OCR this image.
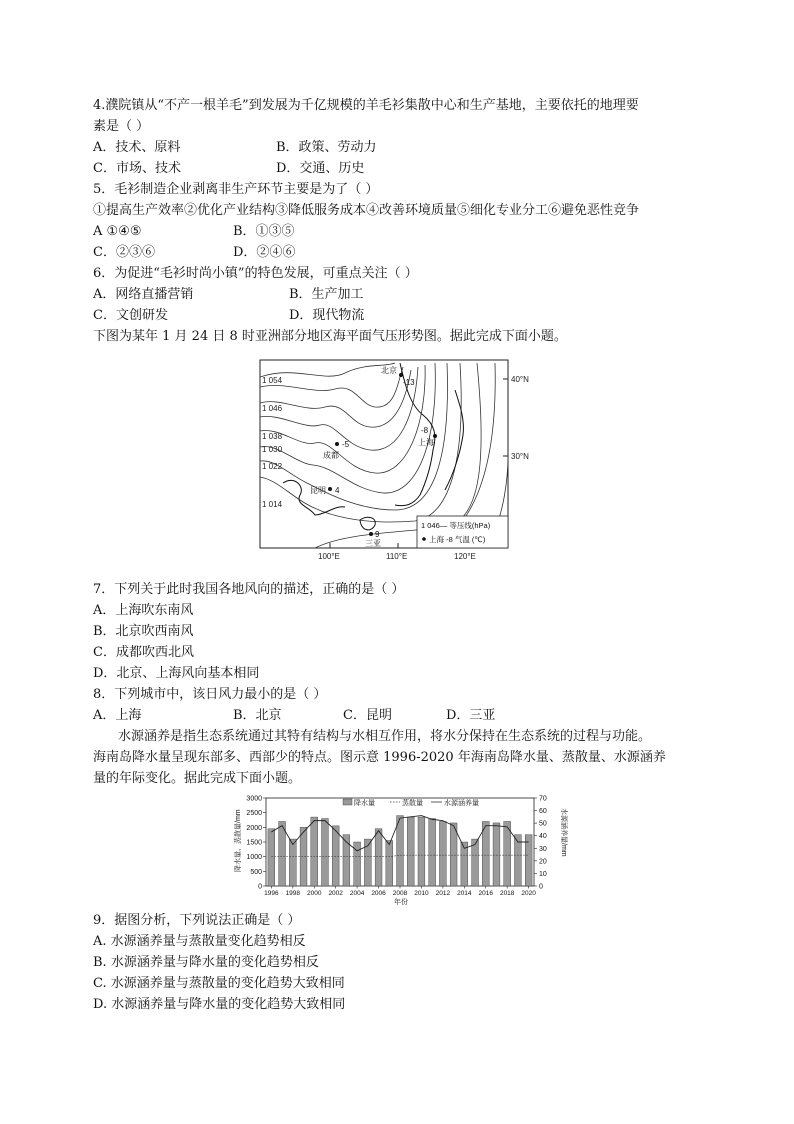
4.濮院镇从“不产一根羊毛”到发展为千亿规模的羊毛衫集散中心和生产基地，主要依托的地理要
素是（ ）
A．技术、原料	B．政策、劳动力
C．市场、技术	D．交通、历史
5．毛衫制造企业剥离非生产环节主要是为了（ ）
①提高生产效率②优化产业结构③降低服务成本④改善环境质量⑤细化专业分工⑥避免恶性竞争
A ①④⑤	B．①③⑤
C．②③⑥	D．②④⑥
6．为促进“毛衫时尚小镇”的特色发展，可重点关注（ ）
A．网络直播营销	B．生产加工
C．文创研发	D．现代物流
下图为某年 1 月 24 日 8 时亚洲部分地区海平面气压形势图。据此完成下面小题。
1 054
1 046
1 038
1 030
1 022
1 014
40°N
30°N
100°E	110°E	120°E
北京
-13
上海
-8
成都
-5
昆明 4
三亚
9
1 046— 等压线(hPa)
上海 -8 气温 (℃)
7．下列关于此时我国各地风向的描述，正确的是（ ）
A．上海吹东南风
B．北京吹西南风
C．成都吹西北风
D．北京、上海风向基本相同
8．下列城市中，该日风力最小的是（ ）
A．上海	B．北京	C．昆明	D．三亚
水源涵养是指生态系统通过其特有结构与水相互作用，将水分保持在生态系统的过程与功能。
海南岛降水量呈现东部多、西部少的特点。图示意 1996-2020 年海南岛降水量、蒸散量、水源涵养
量的年际变化。据此完成下面小题。
0
500
1000
1500
2000
2500
3000
0
10
20
30
40
50
60
70
1996 1998 2000 2002 2004 2006 2008 2010 2012 2014 2016 2018 2020
降水量	蒸散量	水源涵养量
降水量、蒸散量/mm	水源涵养量/mm
年份
9．据图分析，下列说法正确是（ ）
A. 水源涵养量与蒸散量变化趋势相反
B. 水源涵养量与降水量的变化趋势相反
C. 水源涵养量与蒸散量的变化趋势大致相同
D. 水源涵养量与降水量的变化趋势大致相同
